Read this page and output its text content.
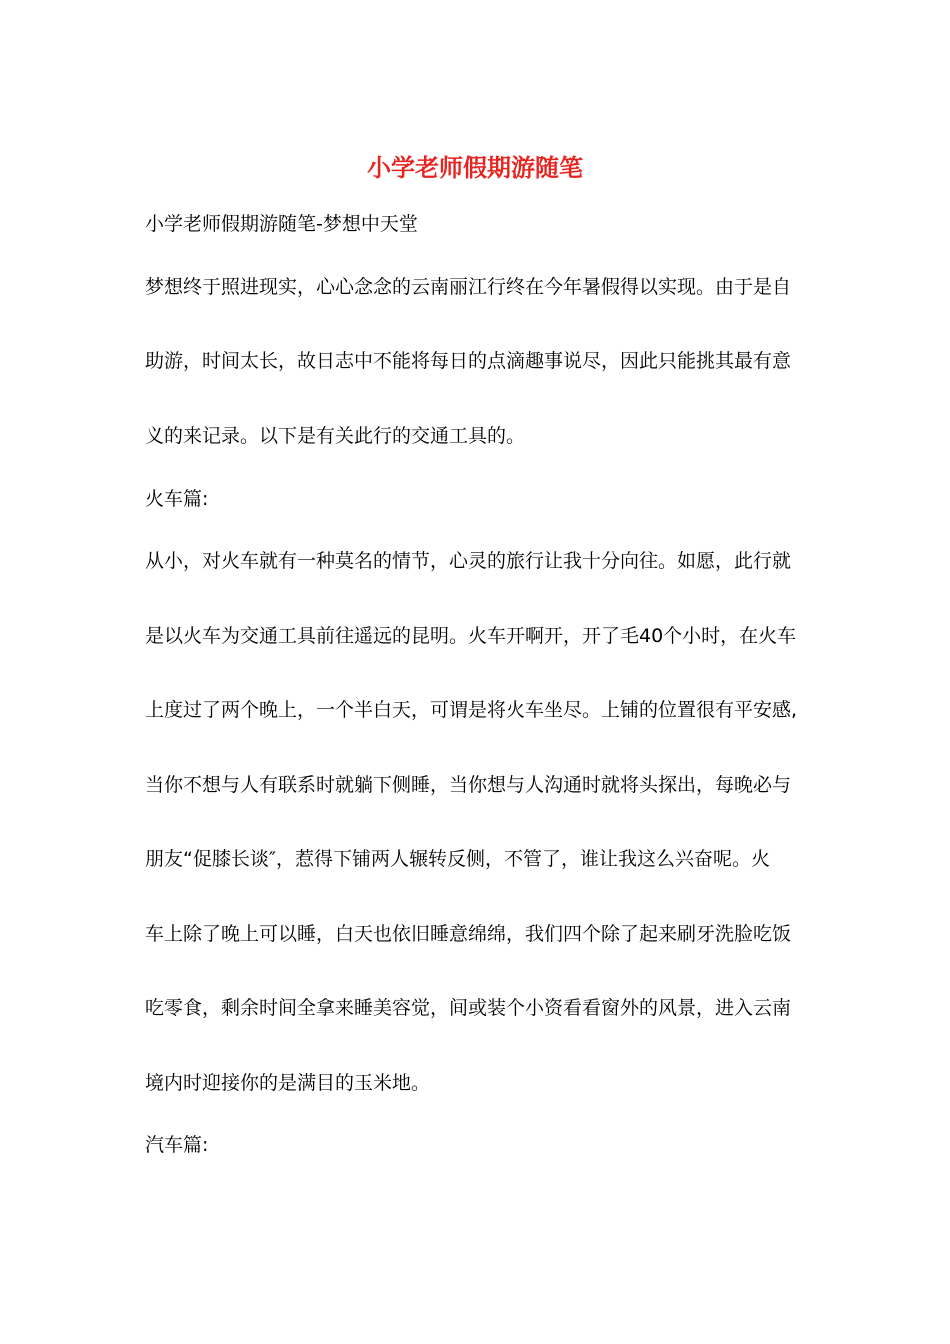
小学老师假期游随笔
小学老师假期游随笔-梦想中天堂
梦想终于照进现实，心心念念的云南丽江行终在今年暑假得以实现。由于是自
助游，时间太长，故日志中不能将每日的点滴趣事说尽，因此只能挑其最有意
义的来记录。以下是有关此行的交通工具的。
火车篇:
从小，对火车就有一种莫名的情节，心灵的旅行让我十分向往。如愿，此行就
是以火车为交通工具前往遥远的昆明。火车开啊开，开了毛40个小时，在火车
上度过了两个晚上，一个半白天，可谓是将火车坐尽。上铺的位置很有平安感,
当你不想与人有联系时就躺下侧睡，当你想与人沟通时就将头探出，每晚必与
朋友“促膝长谈″，惹得下铺两人辗转反侧，不管了，谁让我这么兴奋呢。火
车上除了晚上可以睡，白天也依旧睡意绵绵，我们四个除了起来刷牙洗脸吃饭
吃零食，剩余时间全拿来睡美容觉，间或装个小资看看窗外的风景，进入云南
境内时迎接你的是满目的玉米地。
汽车篇:
